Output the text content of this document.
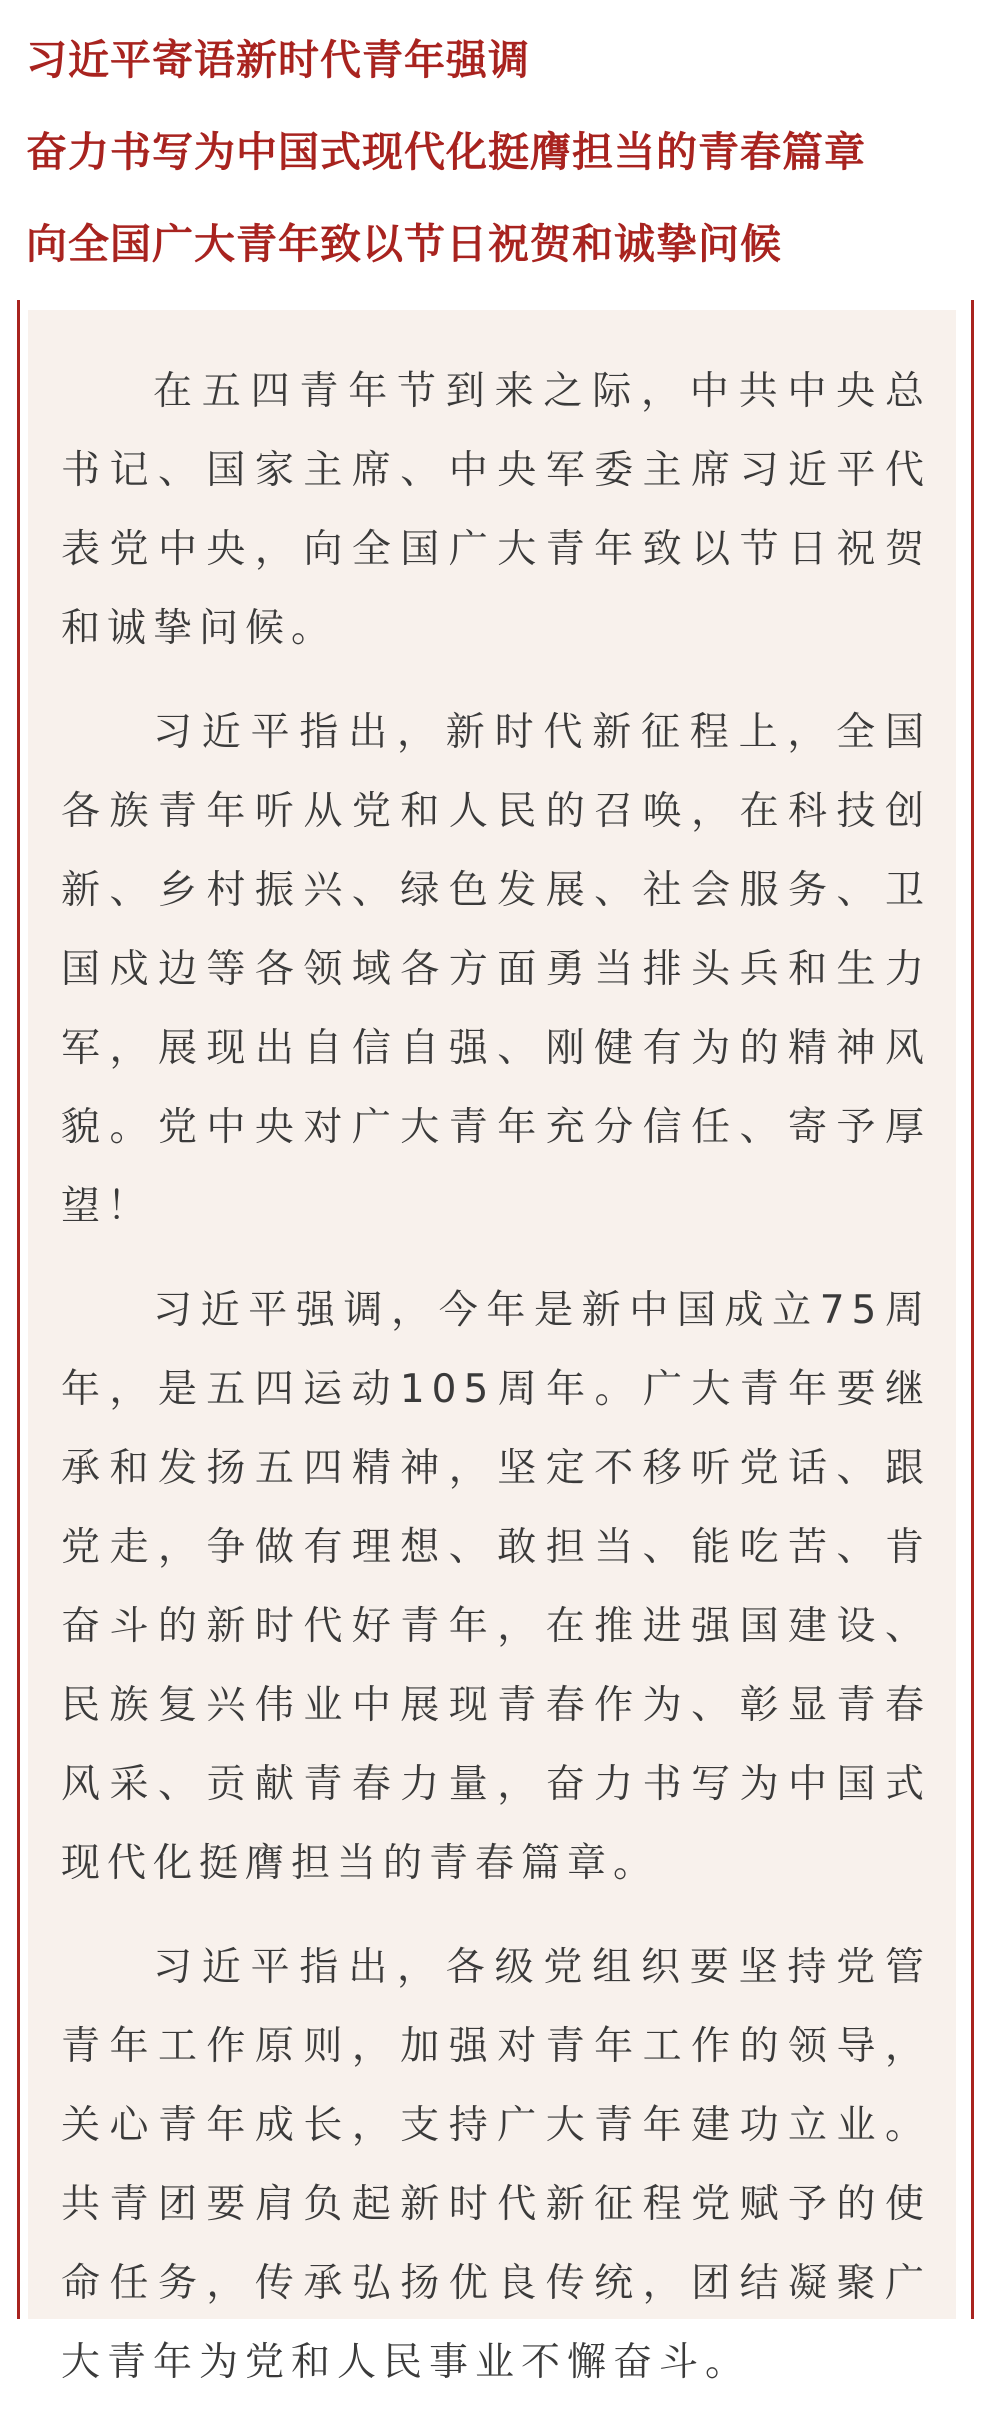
习近平寄语新时代青年强调
奋力书写为中国式现代化挺膺担当的青春篇章
向全国广大青年致以节日祝贺和诚挚问候

在五四青年节到来之际，中共中央总书记、国家主席、中央军委主席习近平代表党中央，向全国广大青年致以节日祝贺和诚挚问候。

习近平指出，新时代新征程上，全国各族青年听从党和人民的召唤，在科技创新、乡村振兴、绿色发展、社会服务、卫国戍边等各领域各方面勇当排头兵和生力军，展现出自信自强、刚健有为的精神风貌。党中央对广大青年充分信任、寄予厚望！

习近平强调，今年是新中国成立75周年，是五四运动105周年。广大青年要继承和发扬五四精神，坚定不移听党话、跟党走，争做有理想、敢担当、能吃苦、肯奋斗的新时代好青年，在推进强国建设、民族复兴伟业中展现青春作为、彰显青春风采、贡献青春力量，奋力书写为中国式现代化挺膺担当的青春篇章。

习近平指出，各级党组织要坚持党管青年工作原则，加强对青年工作的领导，关心青年成长，支持广大青年建功立业。共青团要肩负起新时代新征程党赋予的使命任务，传承弘扬优良传统，团结凝聚广大青年为党和人民事业不懈奋斗。
